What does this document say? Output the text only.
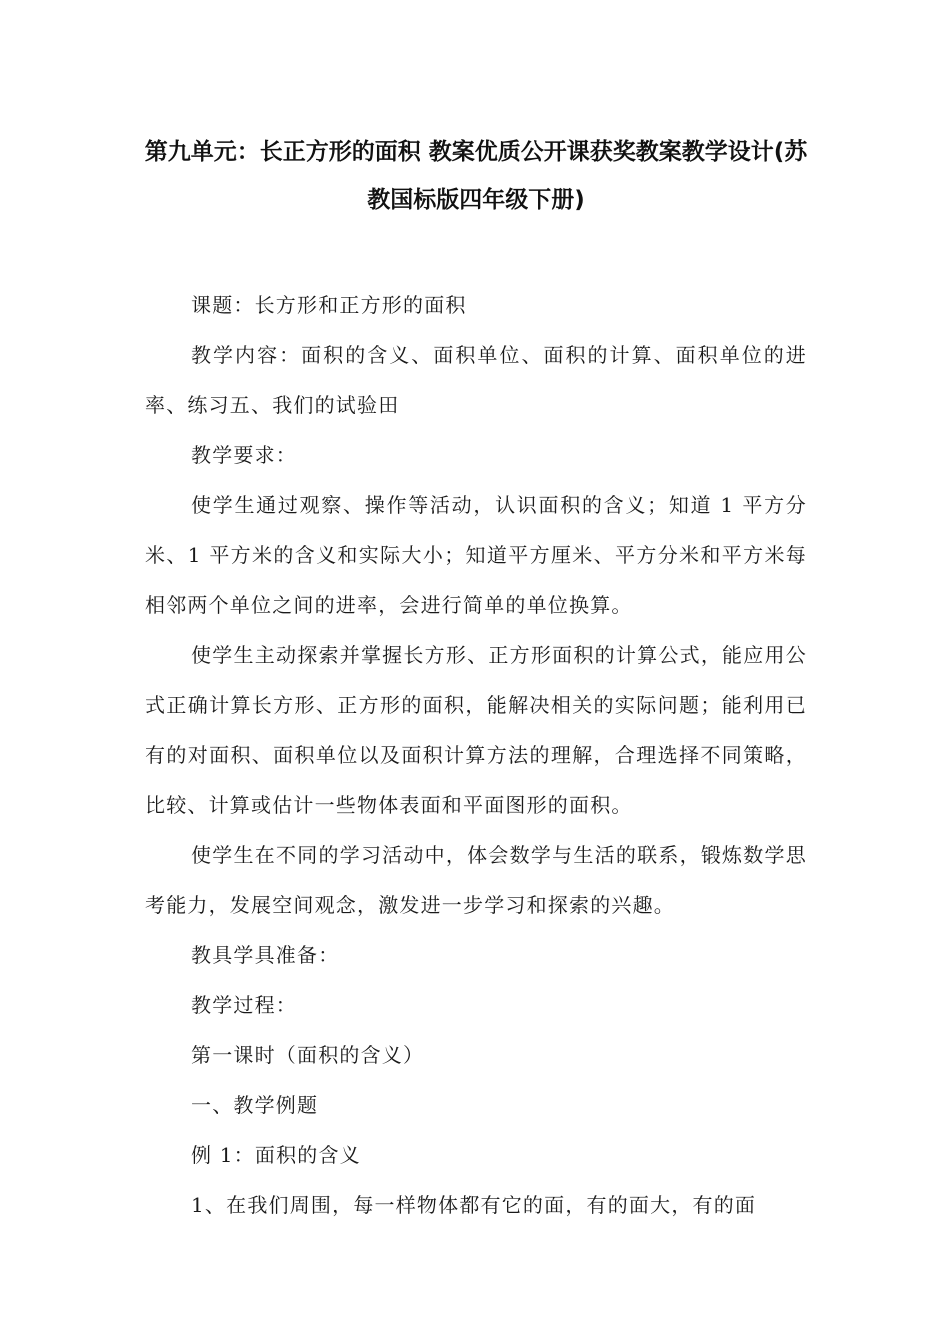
第九单元：长正方形的面积 教案优质公开课获奖教案教学设计(苏教国标版四年级下册)

课题：长方形和正方形的面积

教学内容：面积的含义、面积单位、面积的计算、面积单位的进率、练习五、我们的试验田

教学要求：

使学生通过观察、操作等活动，认识面积的含义；知道 1 平方分米、1 平方米的含义和实际大小；知道平方厘米、平方分米和平方米每相邻两个单位之间的进率，会进行简单的单位换算。

使学生主动探索并掌握长方形、正方形面积的计算公式，能应用公式正确计算长方形、正方形的面积，能解决相关的实际问题；能利用已有的对面积、面积单位以及面积计算方法的理解，合理选择不同策略，比较、计算或估计一些物体表面和平面图形的面积。

使学生在不同的学习活动中，体会数学与生活的联系，锻炼数学思考能力，发展空间观念，激发进一步学习和探索的兴趣。

教具学具准备：

教学过程：

第一课时（面积的含义）

一、教学例题

例 1：面积的含义

1、在我们周围，每一样物体都有它的面，有的面大，有的面
